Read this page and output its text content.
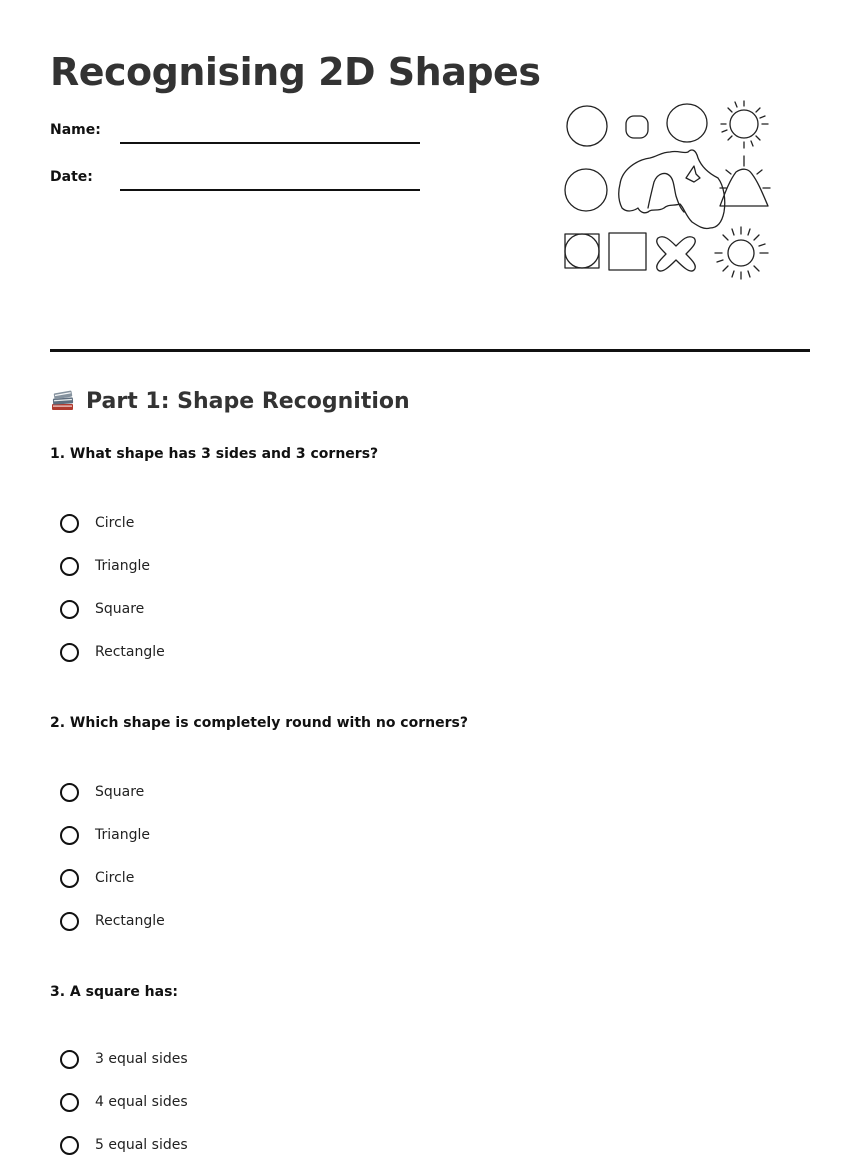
Recognising 2D Shapes
Name:
Date:
Part 1: Shape Recognition
1. What shape has 3 sides and 3 corners?
Circle
Triangle
Square
Rectangle
2. Which shape is completely round with no corners?
Square
Triangle
Circle
Rectangle
3. A square has:
3 equal sides
4 equal sides
5 equal sides
